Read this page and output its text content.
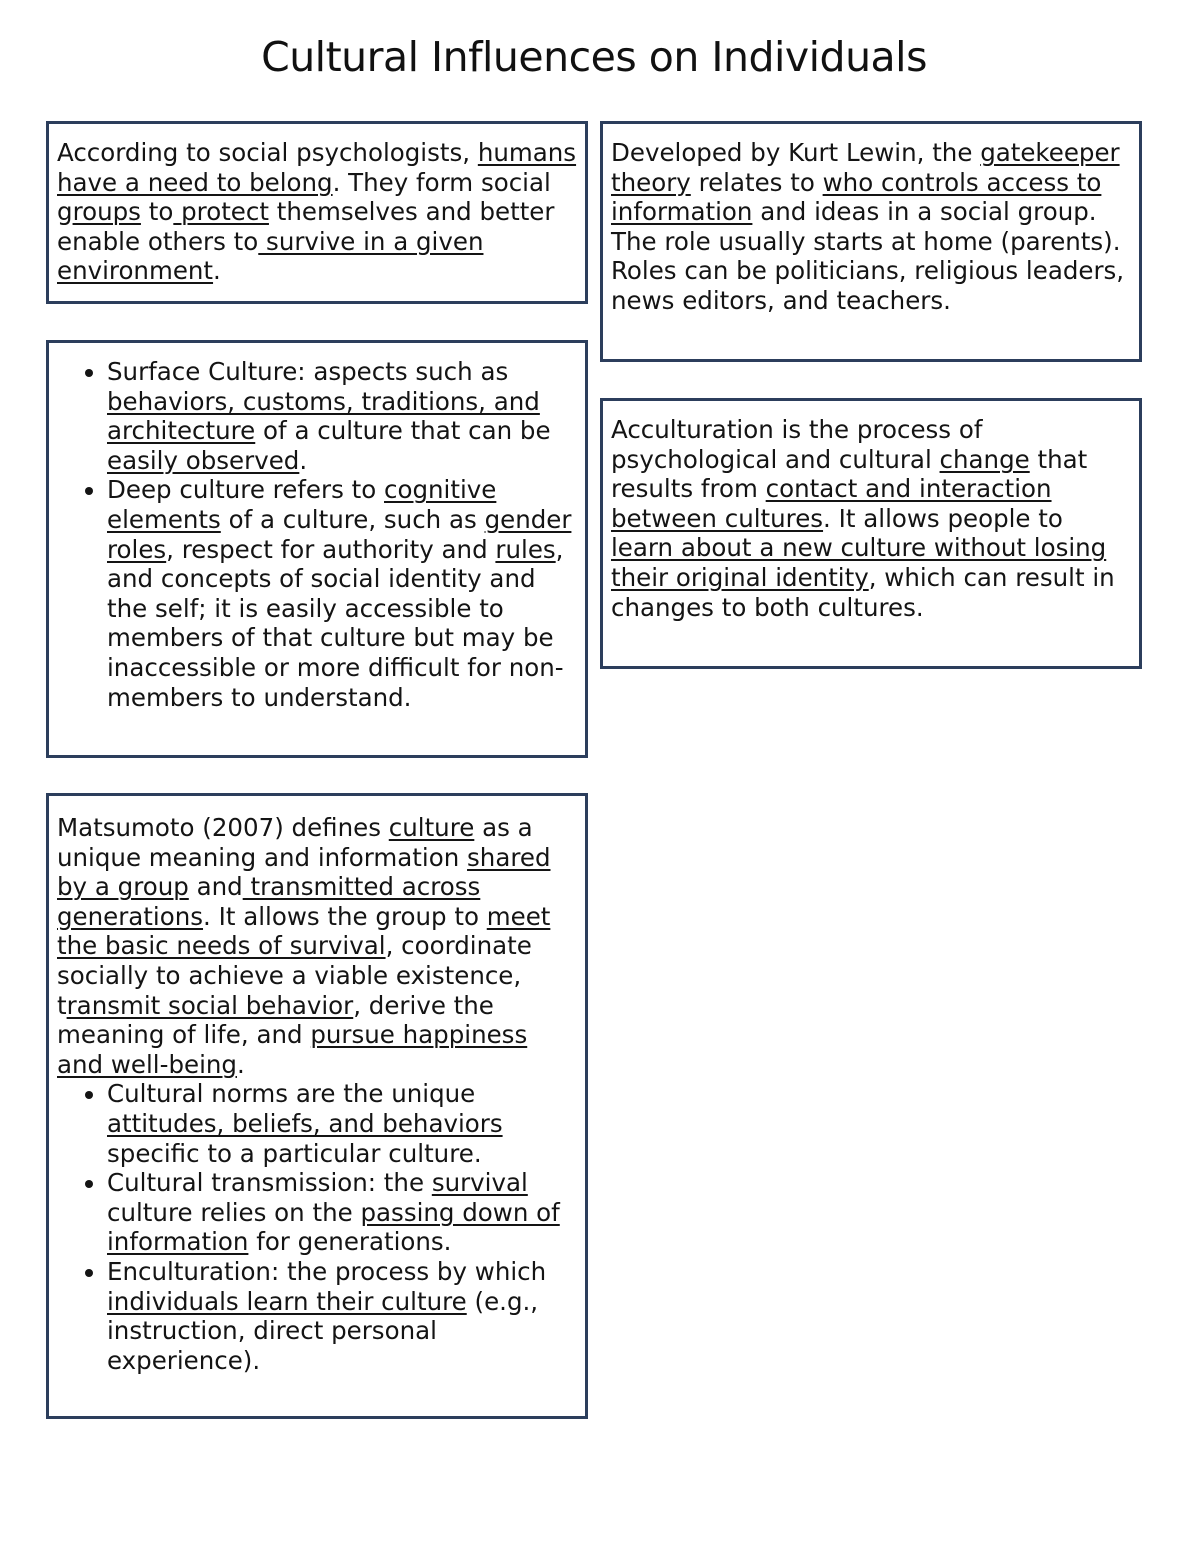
Cultural Influences on Individuals

According to social psychologists, humans have a need to belong. They form social groups to protect themselves and better enable others to survive in a given environment.

Developed by Kurt Lewin, the gatekeeper theory relates to who controls access to information and ideas in a social group. The role usually starts at home (parents). Roles can be politicians, religious leaders, news editors, and teachers.

• Surface Culture: aspects such as behaviors, customs, traditions, and architecture of a culture that can be easily observed.
• Deep culture refers to cognitive elements of a culture, such as gender roles, respect for authority and rules, and concepts of social identity and the self; it is easily accessible to members of that culture but may be inaccessible or more difficult for non-members to understand.

Acculturation is the process of psychological and cultural change that results from contact and interaction between cultures. It allows people to learn about a new culture without losing their original identity, which can result in changes to both cultures.

Matsumoto (2007) defines culture as a unique meaning and information shared by a group and transmitted across generations. It allows the group to meet the basic needs of survival, coordinate socially to achieve a viable existence, transmit social behavior, derive the meaning of life, and pursue happiness and well-being.

• Cultural norms are the unique attitudes, beliefs, and behaviors specific to a particular culture.
• Cultural transmission: the survival culture relies on the passing down of information for generations.
• Enculturation: the process by which individuals learn their culture (e.g., instruction, direct personal experience).
